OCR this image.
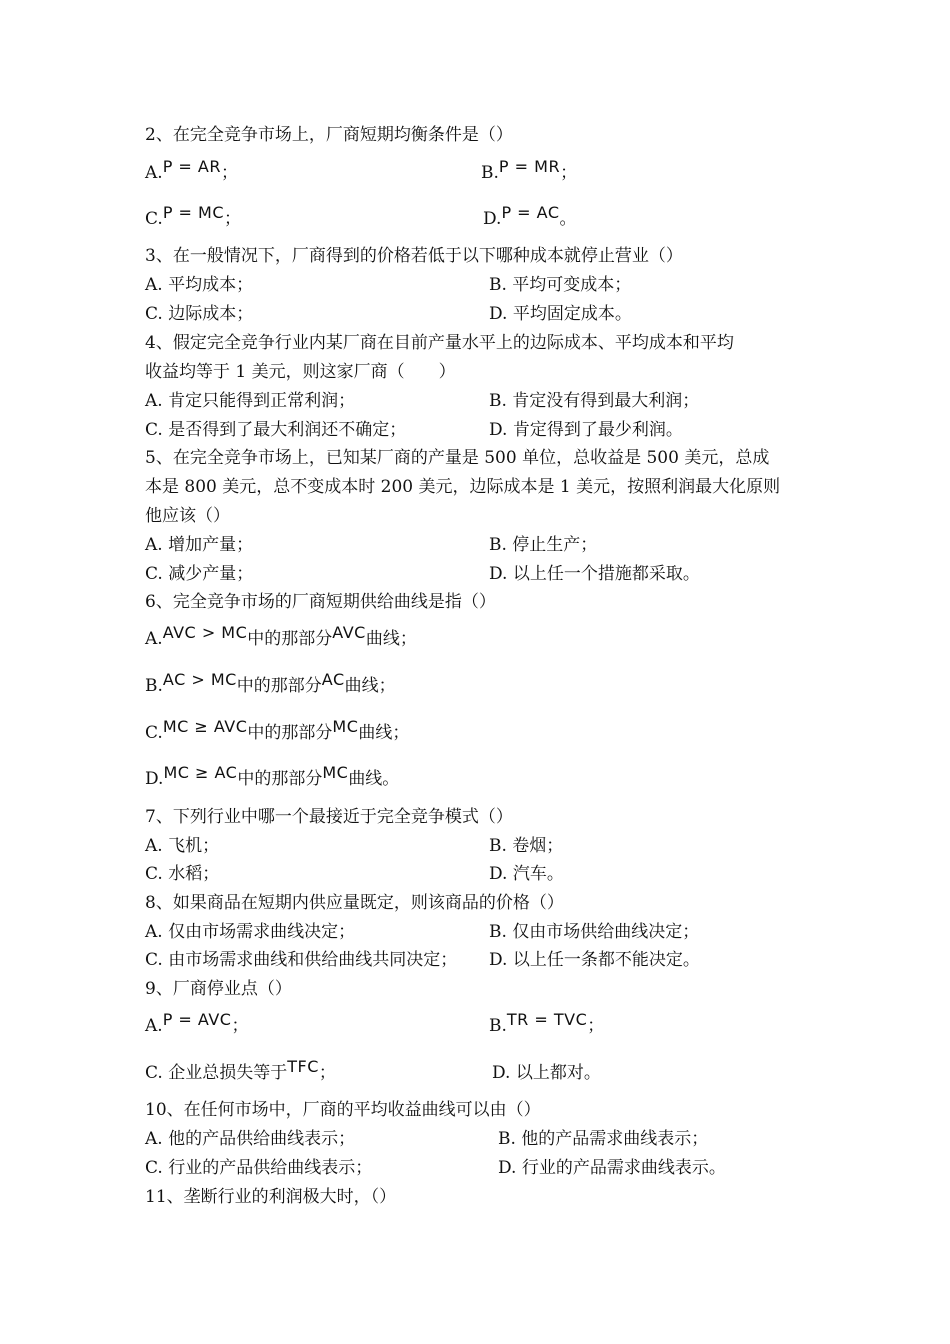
2、在完全竞争市场上，厂商短期均衡条件是（）
A.P = AR；	B.P = MR；
C.P = MC；	D.P = AC。
3、在一般情况下，厂商得到的价格若低于以下哪种成本就停止营业（）
A. 平均成本；	B. 平均可变成本；
C. 边际成本；	D. 平均固定成本。
4、假定完全竞争行业内某厂商在目前产量水平上的边际成本、平均成本和平均
收益均等于 1 美元，则这家厂商（　　）
A. 肯定只能得到正常利润；	B. 肯定没有得到最大利润；
C. 是否得到了最大利润还不确定；	D. 肯定得到了最少利润。
5、在完全竞争市场上，已知某厂商的产量是 500 单位，总收益是 500 美元，总成
本是 800 美元，总不变成本时 200 美元，边际成本是 1 美元，按照利润最大化原则
他应该（）
A. 增加产量；	B. 停止生产；
C. 减少产量；	D. 以上任一个措施都采取。
6、完全竞争市场的厂商短期供给曲线是指（）
A.AVC > MC中的那部分AVC曲线；
B.AC > MC中的那部分AC曲线；
C.MC ≥ AVC中的那部分MC曲线；
D.MC ≥ AC中的那部分MC曲线。
7、下列行业中哪一个最接近于完全竞争模式（）
A. 飞机；	B. 卷烟；
C. 水稻；	D. 汽车。
8、如果商品在短期内供应量既定，则该商品的价格（）
A. 仅由市场需求曲线决定；	B. 仅由市场供给曲线决定；
C. 由市场需求曲线和供给曲线共同决定； D. 以上任一条都不能决定。
9、厂商停业点（）
A.P = AVC；	B.TR = TVC；
C. 企业总损失等于TFC；	D. 以上都对。
10、在任何市场中，厂商的平均收益曲线可以由（）
A. 他的产品供给曲线表示；	B. 他的产品需求曲线表示；
C. 行业的产品供给曲线表示；	D. 行业的产品需求曲线表示。
11、垄断行业的利润极大时，（）
